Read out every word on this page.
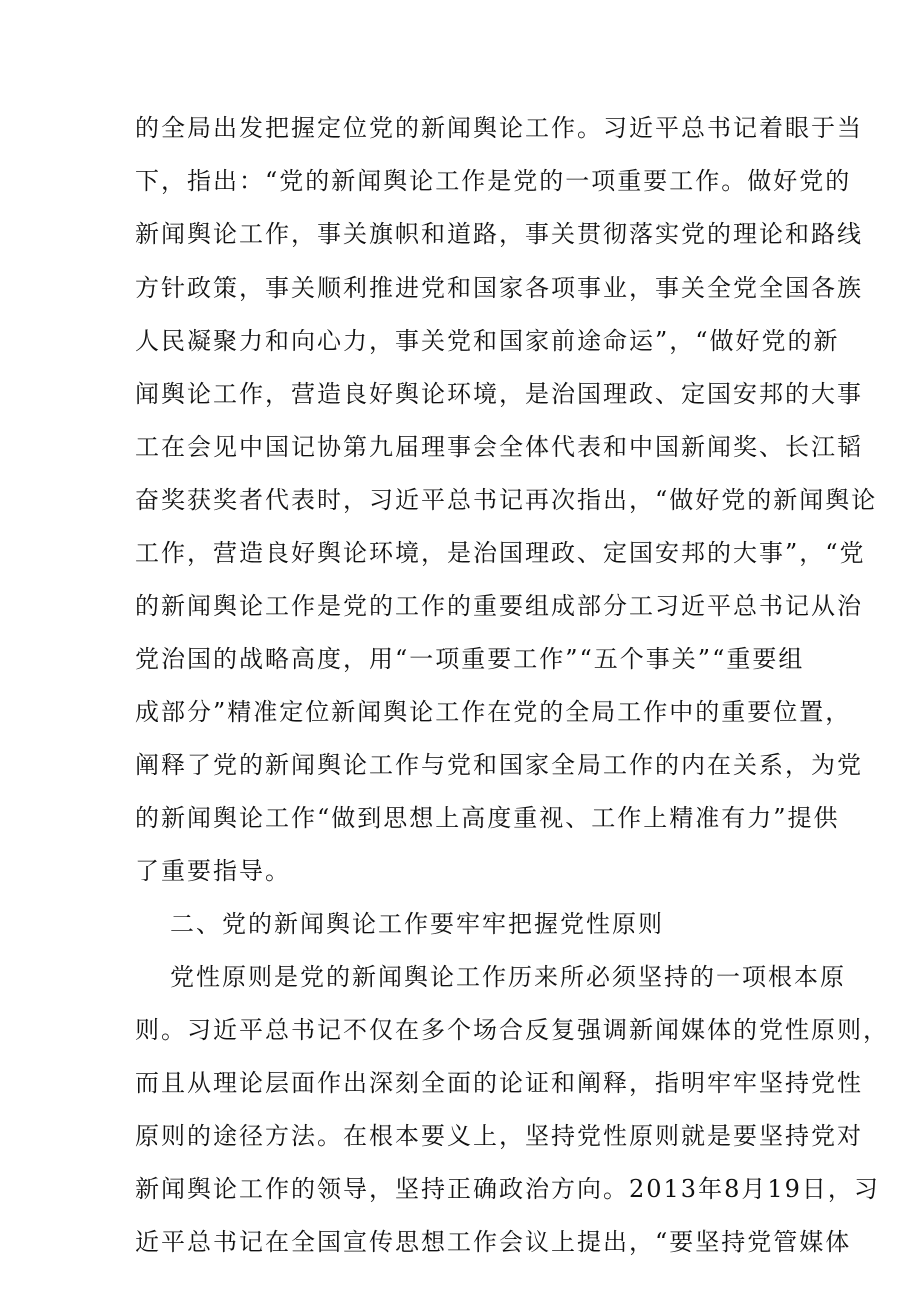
的全局出发把握定位党的新闻舆论工作。习近平总书记着眼于当
下，指出：“党的新闻舆论工作是党的一项重要工作。做好党的
新闻舆论工作，事关旗帜和道路，事关贯彻落实党的理论和路线
方针政策，事关顺利推进党和国家各项事业，事关全党全国各族
人民凝聚力和向心力，事关党和国家前途命运”，“做好党的新
闻舆论工作，营造良好舆论环境，是治国理政、定国安邦的大事
工在会见中国记协第九届理事会全体代表和中国新闻奖、长江韬
奋奖获奖者代表时，习近平总书记再次指出，“做好党的新闻舆论
工作，营造良好舆论环境，是治国理政、定国安邦的大事”，“党
的新闻舆论工作是党的工作的重要组成部分工习近平总书记从治
党治国的战略高度，用“一项重要工作”“五个事关”“重要组
成部分”精准定位新闻舆论工作在党的全局工作中的重要位置，
阐释了党的新闻舆论工作与党和国家全局工作的内在关系，为党
的新闻舆论工作“做到思想上高度重视、工作上精准有力”提供
了重要指导。
二、党的新闻舆论工作要牢牢把握党性原则
党性原则是党的新闻舆论工作历来所必须坚持的一项根本原
则。习近平总书记不仅在多个场合反复强调新闻媒体的党性原则，
而且从理论层面作出深刻全面的论证和阐释，指明牢牢坚持党性
原则的途径方法。在根本要义上，坚持党性原则就是要坚持党对
新闻舆论工作的领导，坚持正确政治方向。2013年8月19日，习
近平总书记在全国宣传思想工作会议上提出，“要坚持党管媒体
